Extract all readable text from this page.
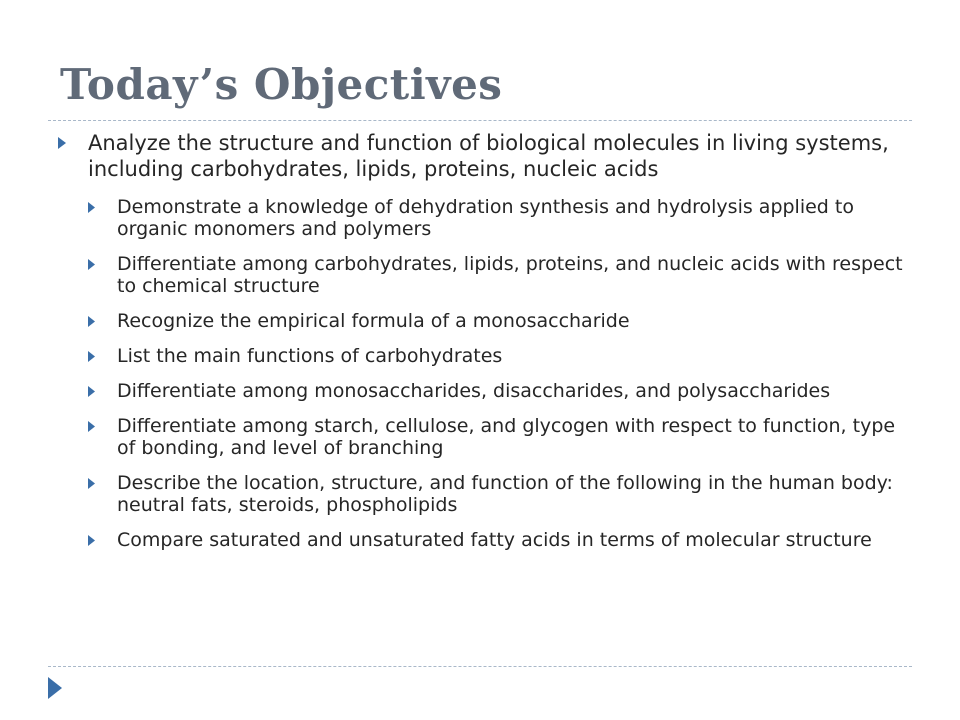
Today’s Objectives
Analyze the structure and function of biological molecules in living systems, including carbohydrates, lipids, proteins, nucleic acids
Demonstrate a knowledge of dehydration synthesis and hydrolysis applied to organic monomers and polymers
Differentiate among carbohydrates, lipids, proteins, and nucleic acids with respect to chemical structure
Recognize the empirical formula of a monosaccharide
List the main functions of carbohydrates
Differentiate among monosaccharides, disaccharides, and polysaccharides
Differentiate among starch, cellulose, and glycogen with respect to function, type of bonding, and level of branching
Describe the location, structure, and function of the following in the human body: neutral fats, steroids, phospholipids
Compare saturated and unsaturated fatty acids in terms of molecular structure
